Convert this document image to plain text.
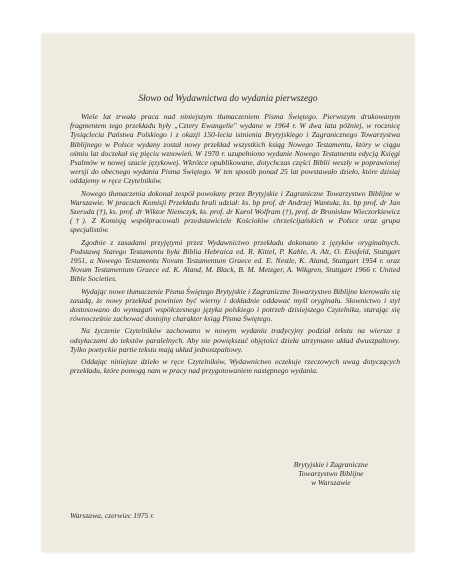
Słowo od Wydawnictwa do wydania pierwszego

Wiele lat trwała praca nad niniejszym tłumaczeniem Pisma Świętego. Pierwszym drukowanym fragmentem tego przekładu były „Cztery Ewangelie" wydane w 1964 r. W dwa lata później, w rocznicę Tysiąclecia Państwa Polskiego i z okazji 150-lecia istnienia Brytyjskiego i Zagranicznego Towarzystwa Biblijnego w Polsce wydany został nowy przekład wszystkich ksiąg Nowego Testamentu, który w ciągu ośmiu lat doczekał się pięciu wznowień. W 1970 r. uzupełniono wydanie Nowego Testamentu edycją Księgi Psalmów w nowej szacie językowej. Wkrótce opublikowane, dotychczas części Biblii weszły w poprawionej wersji do obecnego wydania Pisma Świętego. W ten sposób ponad 25 lat powstawało dzieło, które dzisiaj oddajemy w ręce Czytelników.

Nowego tłumaczenia dokonał zespół powołany przez Brytyjskie i Zagraniczne Towarzystwo Biblijne w Warszawie. W pracach Komisji Przekładu brali udział: ks. bp prof. dr Andrzej Wantuła, ks. bp prof. dr Jan Szeruda (†), ks. prof. dr Wiktor Niemczyk, ks. prof. dr Karol Wolfram (†), prof. dr Bronisław Wieczorkiewicz (†). Z Komisją współpracowali przedstawiciele Kościołów chrześcijańskich w Polsce oraz grupa specjalistów.

Zgodnie z zasadami przyjętymi przez Wydawnictwo przekładu dokonano z języków oryginalnych. Podstawą Starego Testamentu była Biblia Hebraica ed. R. Kittel, P. Kahle, A. Alt, O. Eissfeld, Stuttgart 1951, a Nowego Testamentu Novum Testamentum Graece ed. E. Nestle, K. Aland, Stuttgart 1954 r. oraz Novum Testamentum Graece ed. K. Aland, M. Black, B. M. Metzger, A. Wikgren, Stuttgart 1966 r. United Bible Societies.

Wydając nowe tłumaczenie Pisma Świętego Brytyjskie i Zagraniczne Towarzystwo Biblijne kierowało się zasadą, że nowy przekład powinien być wierny i dokładnie oddawać myśl oryginału. Słownictwo i styl dostosowano do wymagań współczesnego języka polskiego i potrzeb dzisiejszego Czytelnika, starając się równocześnie zachować dostojny charakter ksiąg Pisma Świętego.

Na życzenie Czytelników zachowano w nowym wydaniu tradycyjny podział tekstu na wiersze z odsyłaczami do tekstów paralelnych. Aby nie powiększać objętości dzieła utrzymano układ dwuszpaltowy. Tylko poetyckie partie tekstu mają układ jednoszpaltowy.

Oddając niniejsze dzieło w ręce Czytelników, Wydawnictwo oczekuje rzeczowych uwag dotyczących przekładu, które pomogą nam w pracy nad przygotowaniem następnego wydania.

Brytyjskie i Zagraniczne
Towarzystwo Biblijne
w Warszawie
Warszawa, czerwiec 1975 r.
